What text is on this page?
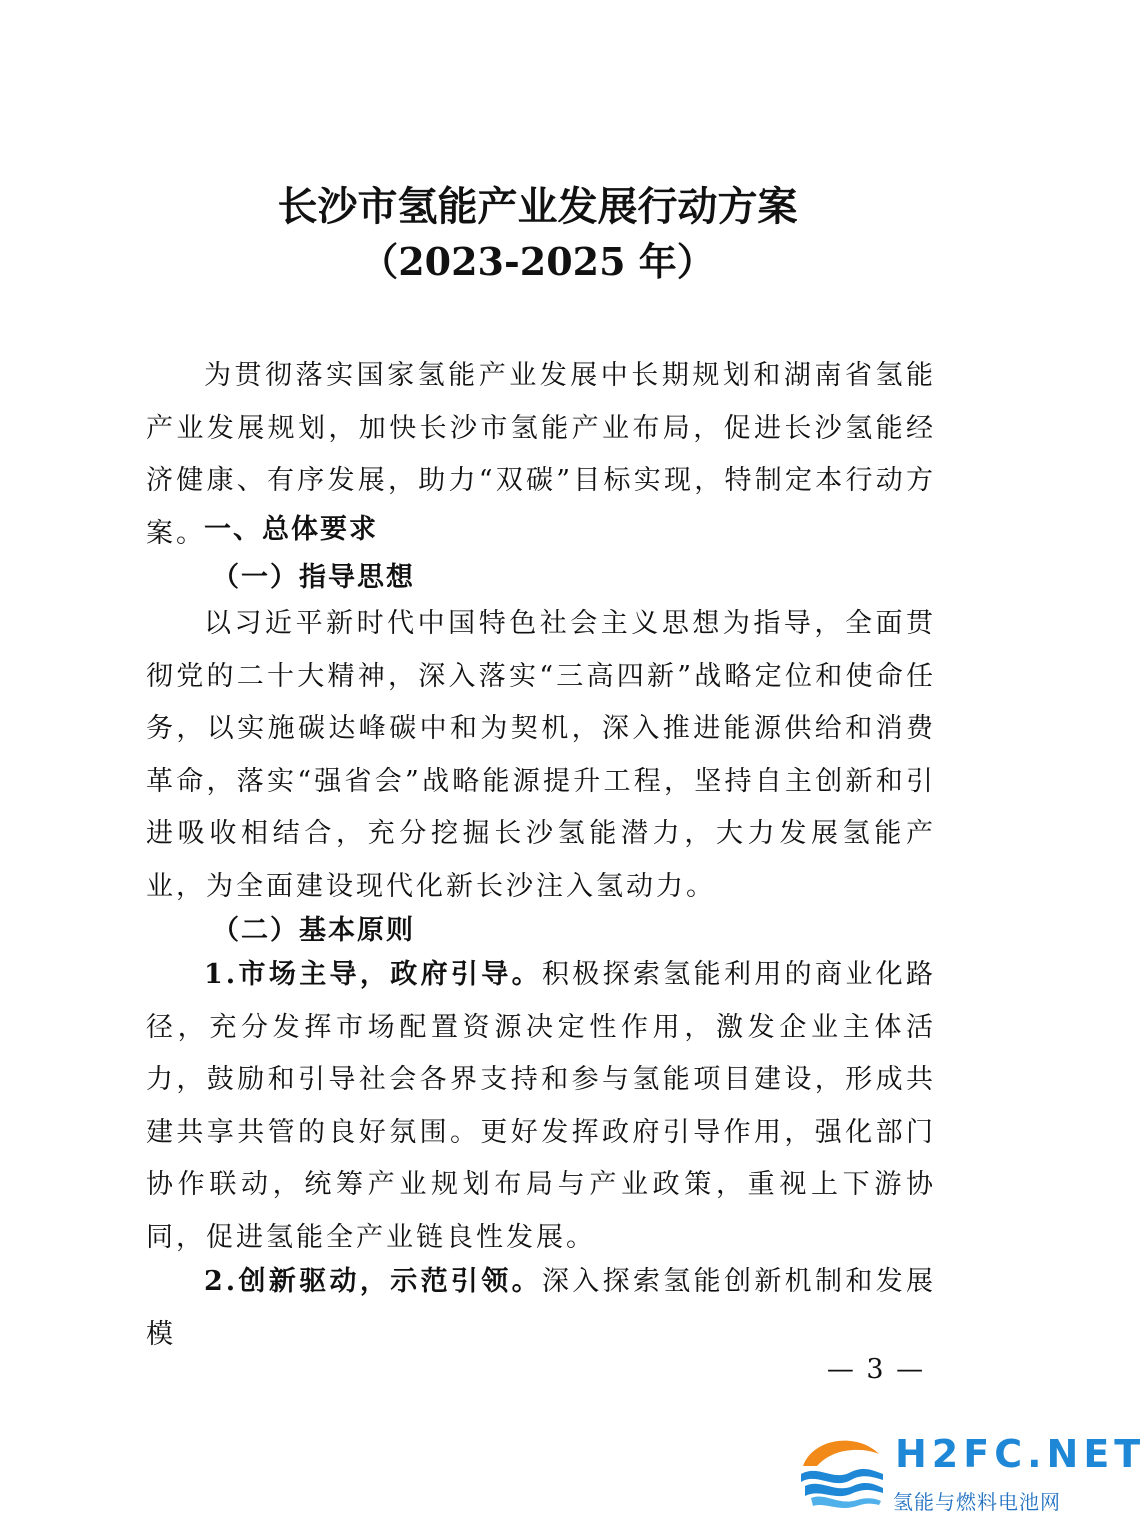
长沙市氢能产业发展行动方案
（2023-2025 年）
为贯彻落实国家氢能产业发展中长期规划和湖南省氢能产业发展规划，加快长沙市氢能产业布局，促进长沙氢能经济健康、有序发展，助力“双碳”目标实现，特制定本行动方案。
一、总体要求
（一）指导思想
以习近平新时代中国特色社会主义思想为指导，全面贯彻党的二十大精神，深入落实“三高四新”战略定位和使命任务，以实施碳达峰碳中和为契机，深入推进能源供给和消费革命，落实“强省会”战略能源提升工程，坚持自主创新和引进吸收相结合，充分挖掘长沙氢能潜力，大力发展氢能产业，为全面建设现代化新长沙注入氢动力。
（二）基本原则
1.市场主导，政府引导。积极探索氢能利用的商业化路径，充分发挥市场配置资源决定性作用，激发企业主体活力，鼓励和引导社会各界支持和参与氢能项目建设，形成共建共享共管的良好氛围。更好发挥政府引导作用，强化部门协作联动，统筹产业规划布局与产业政策，重视上下游协同，促进氢能全产业链良性发展。
2.创新驱动，示范引领。深入探索氢能创新机制和发展模
— 3 —
H2FC.NET
氢能与燃料电池网
